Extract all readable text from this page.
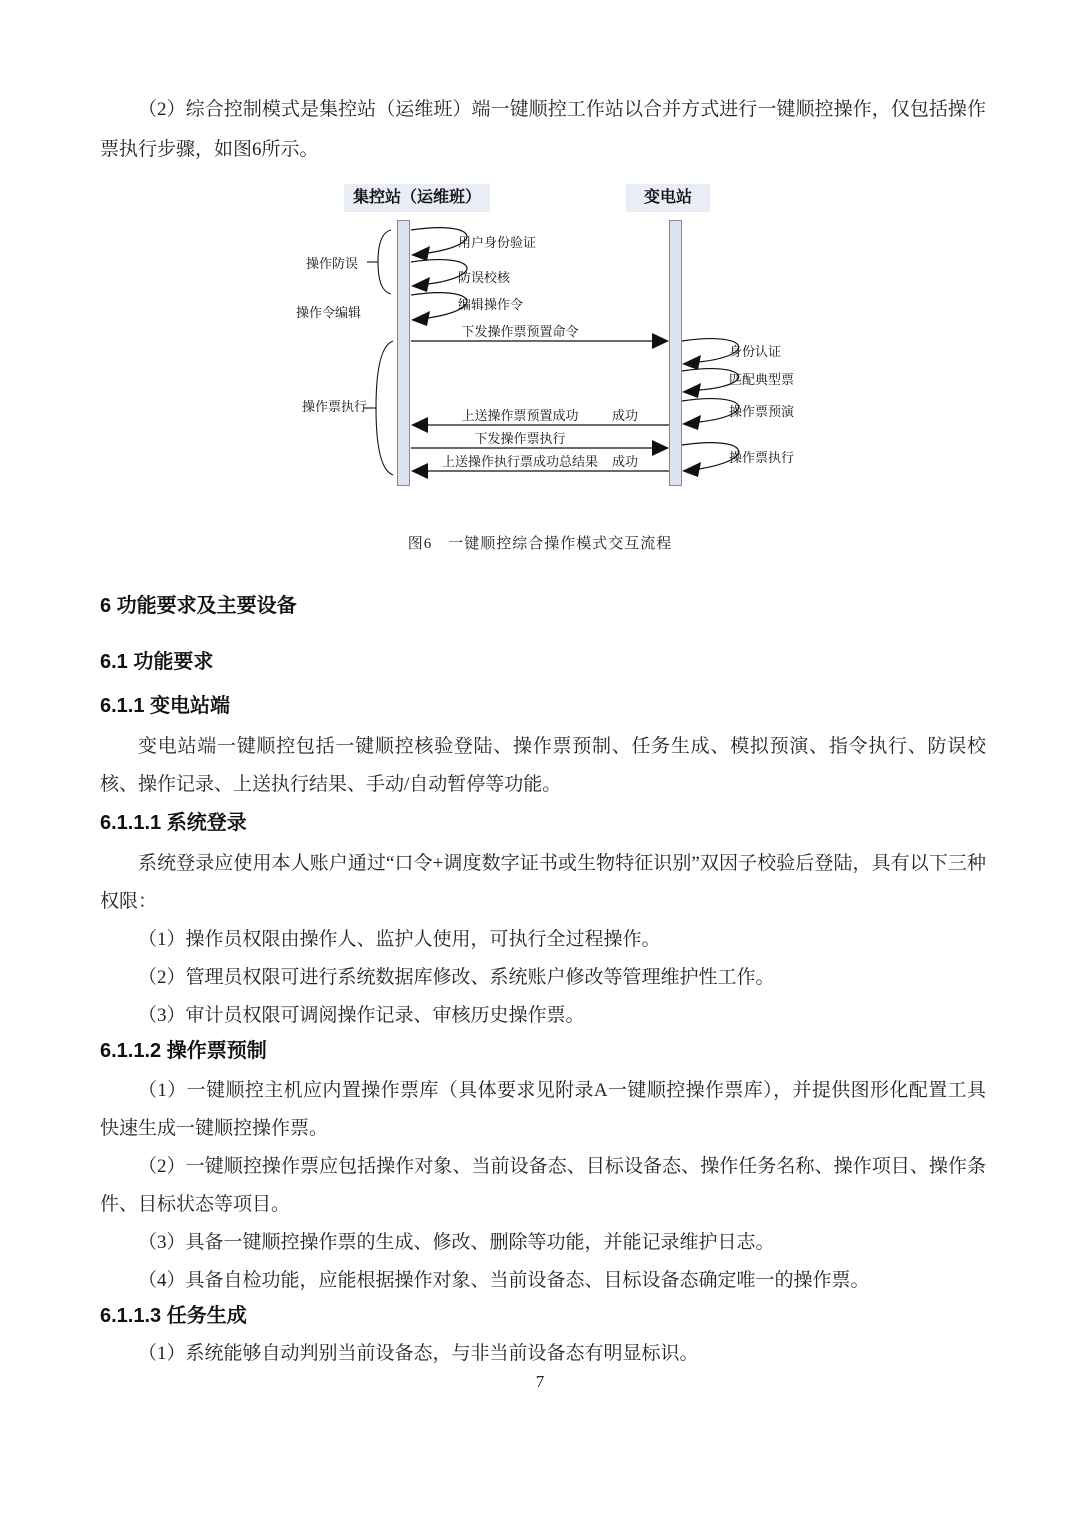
（2）综合控制模式是集控站（运维班）端一键顺控工作站以合并方式进行一键顺控操作，仅包括操作票执行步骤，如图6所示。

集控站（运维班）	变电站
操作防误
操作令编辑
操作票执行
用户身份验证
防误校核
编辑操作令
身份认证
匹配典型票
操作票预演
操作票执行
下发操作票预置命令
上送操作票预置成功	成功
下发操作票执行
上送操作执行票成功总结果	成功
图6　一键顺控综合操作模式交互流程
6 功能要求及主要设备
6.1 功能要求
6.1.1 变电站端

变电站端一键顺控包括一键顺控核验登陆、操作票预制、任务生成、模拟预演、指令执行、防误校核、操作记录、上送执行结果、手动/自动暂停等功能。

6.1.1.1 系统登录

系统登录应使用本人账户通过“口令+调度数字证书或生物特征识别”双因子校验后登陆，具有以下三种权限：

（1）操作员权限由操作人、监护人使用，可执行全过程操作。

（2）管理员权限可进行系统数据库修改、系统账户修改等管理维护性工作。

（3）审计员权限可调阅操作记录、审核历史操作票。

6.1.1.2 操作票预制

（1）一键顺控主机应内置操作票库（具体要求见附录A一键顺控操作票库），并提供图形化配置工具快速生成一键顺控操作票。

（2）一键顺控操作票应包括操作对象、当前设备态、目标设备态、操作任务名称、操作项目、操作条件、目标状态等项目。

（3）具备一键顺控操作票的生成、修改、删除等功能，并能记录维护日志。

（4）具备自检功能，应能根据操作对象、当前设备态、目标设备态确定唯一的操作票。

6.1.1.3 任务生成

（1）系统能够自动判别当前设备态，与非当前设备态有明显标识。

7
